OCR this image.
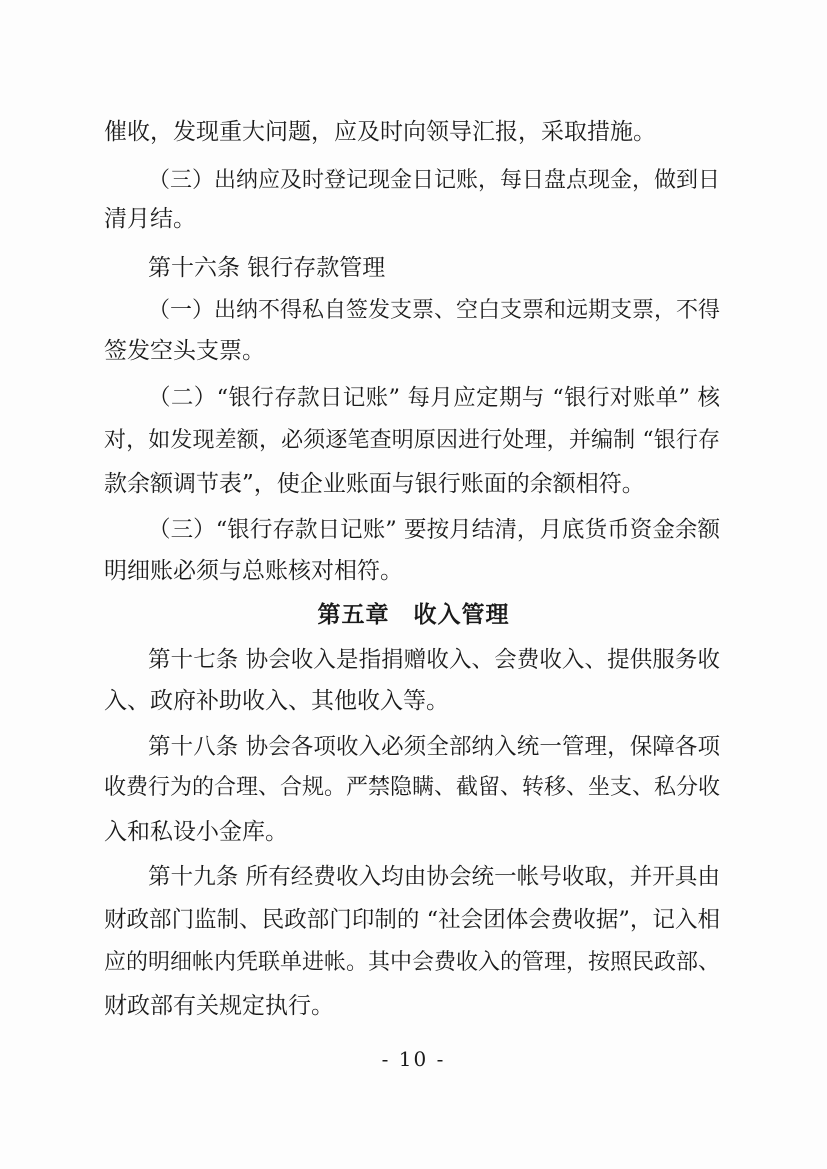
催收，发现重大问题，应及时向领导汇报，采取措施。
（三）出纳应及时登记现金日记账，每日盘点现金，做到日
清月结。
第十六条 银行存款管理
（一）出纳不得私自签发支票、空白支票和远期支票，不得
签发空头支票。
（二）“银行存款日记账” 每月应定期与 “银行对账单” 核
对，如发现差额，必须逐笔查明原因进行处理，并编制 “银行存
款余额调节表”，使企业账面与银行账面的余额相符。
（三）“银行存款日记账” 要按月结清，月底货币资金余额
明细账必须与总账核对相符。
第五章　收入管理
第十七条 协会收入是指捐赠收入、会费收入、提供服务收
入、政府补助收入、其他收入等。
第十八条 协会各项收入必须全部纳入统一管理，保障各项
收费行为的合理、合规。严禁隐瞒、截留、转移、坐支、私分收
入和私设小金库。
第十九条 所有经费收入均由协会统一帐号收取，并开具由
财政部门监制、民政部门印制的 “社会团体会费收据”，记入相
应的明细帐内凭联单进帐。其中会费收入的管理，按照民政部、
财政部有关规定执行。
- 10 -
